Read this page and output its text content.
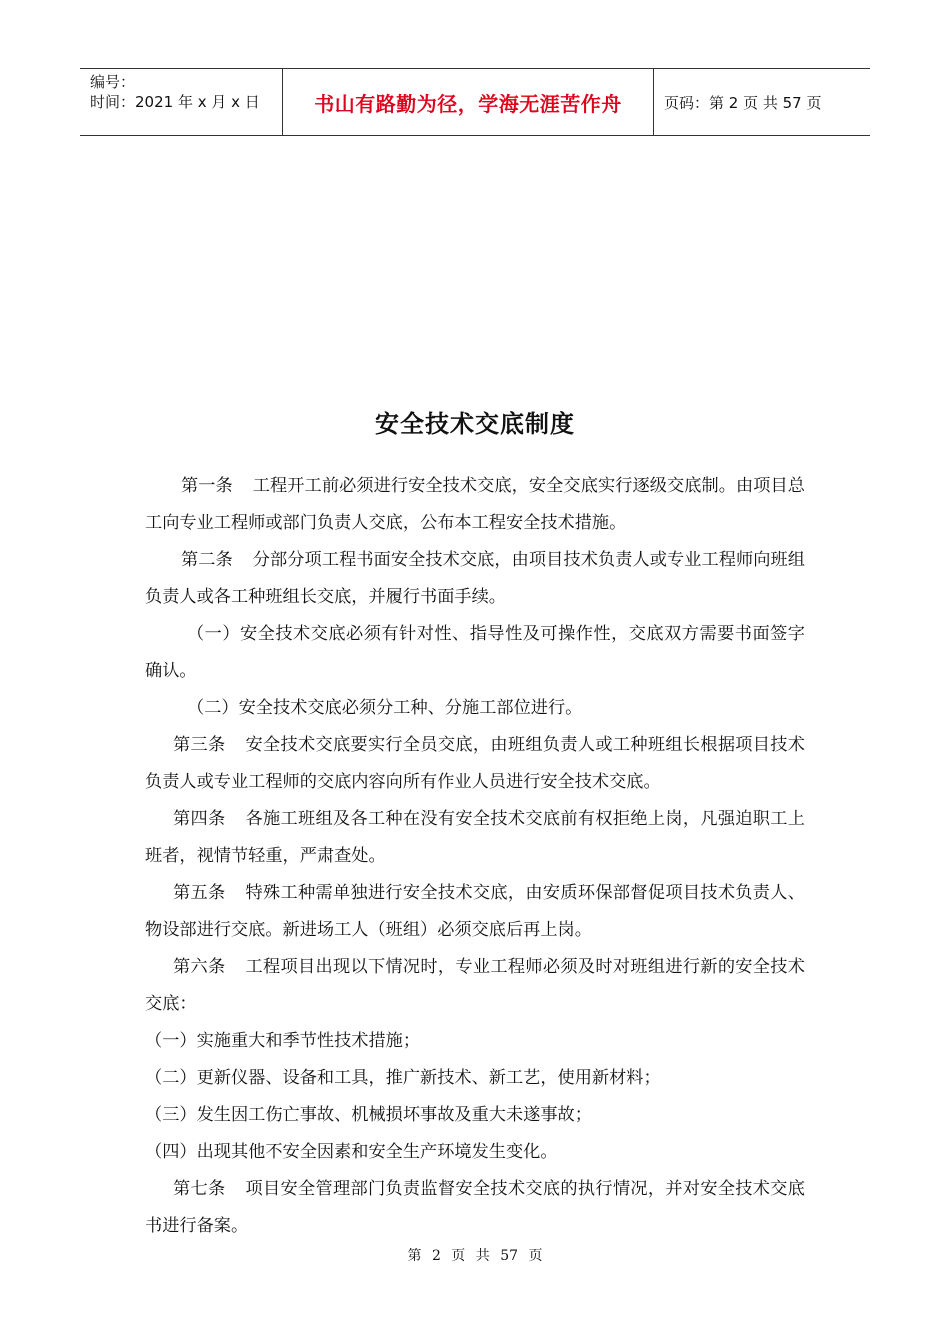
编号：
时间：2021 年 x 月 x 日	书山有路勤为径，学海无涯苦作舟	页码：第 2 页 共 57 页
安全技术交底制度

第一条 工程开工前必须进行安全技术交底，安全交底实行逐级交底制。由项目总工向专业工程师或部门负责人交底，公布本工程安全技术措施。

第二条 分部分项工程书面安全技术交底，由项目技术负责人或专业工程师向班组负责人或各工种班组长交底，并履行书面手续。

（一）安全技术交底必须有针对性、指导性及可操作性，交底双方需要书面签字确认。

（二）安全技术交底必须分工种、分施工部位进行。

第三条 安全技术交底要实行全员交底，由班组负责人或工种班组长根据项目技术负责人或专业工程师的交底内容向所有作业人员进行安全技术交底。

第四条 各施工班组及各工种在没有安全技术交底前有权拒绝上岗，凡强迫职工上班者，视情节轻重，严肃查处。

第五条 特殊工种需单独进行安全技术交底，由安质环保部督促项目技术负责人、物设部进行交底。新进场工人（班组）必须交底后再上岗。

第六条 工程项目出现以下情况时，专业工程师必须及时对班组进行新的安全技术交底：

（一）实施重大和季节性技术措施；

（二）更新仪器、设备和工具，推广新技术、新工艺，使用新材料；

（三）发生因工伤亡事故、机械损坏事故及重大未遂事故；

（四）出现其他不安全因素和安全生产环境发生变化。

第七条 项目安全管理部门负责监督安全技术交底的执行情况，并对安全技术交底书进行备案。

第 2 页 共 57 页
